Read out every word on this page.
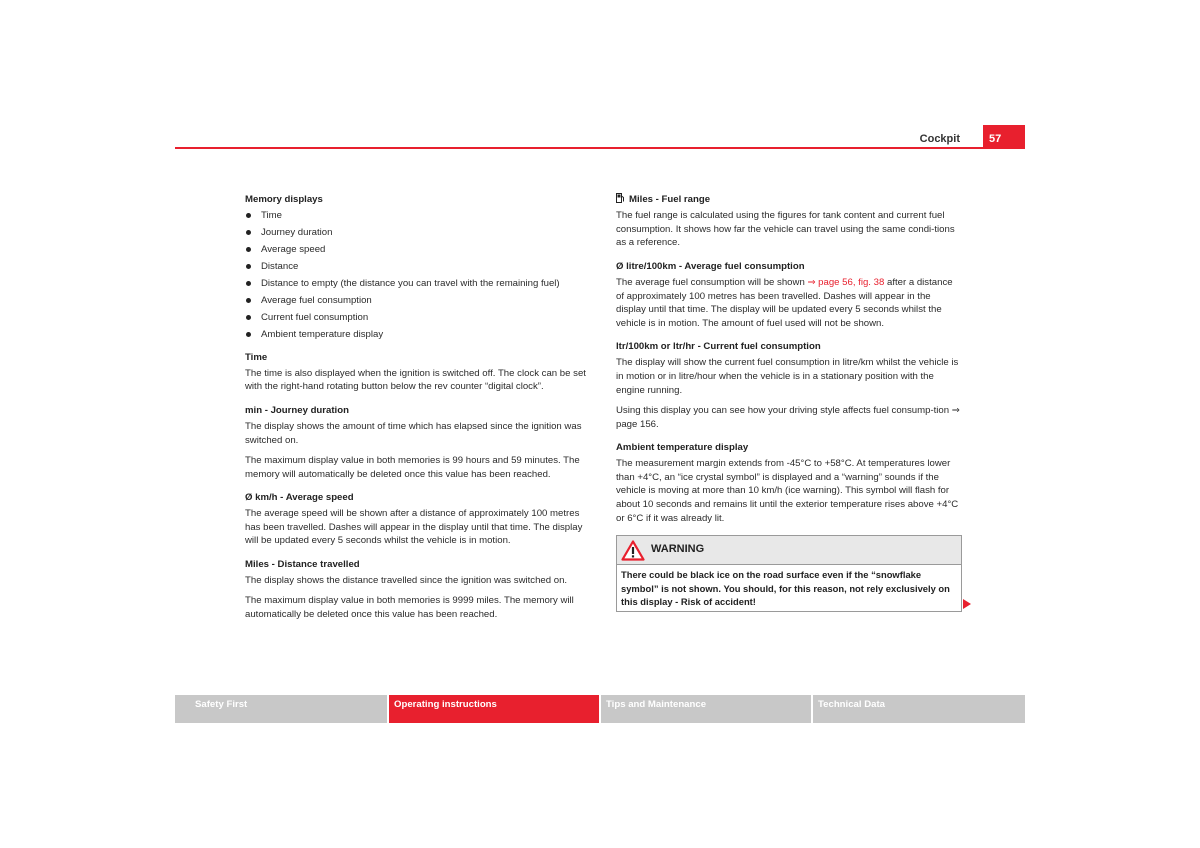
Cockpit	57
Memory displays
Time
Journey duration
Average speed
Distance
Distance to empty (the distance you can travel with the remaining fuel)
Average fuel consumption
Current fuel consumption
Ambient temperature display
Time

The time is also displayed when the ignition is switched off. The clock can be set with the right-hand rotating button below the rev counter “digital clock”.

min - Journey duration

The display shows the amount of time which has elapsed since the ignition was switched on.

The maximum display value in both memories is 99 hours and 59 minutes. The memory will automatically be deleted once this value has been reached.

Ø km/h - Average speed

The average speed will be shown after a distance of approximately 100 metres has been travelled. Dashes will appear in the display until that time. The display will be updated every 5 seconds whilst the vehicle is in motion.

Miles - Distance travelled

The display shows the distance travelled since the ignition was switched on.

The maximum display value in both memories is 9999 miles. The memory will automatically be deleted once this value has been reached.

Miles - Fuel range

The fuel range is calculated using the figures for tank content and current fuel consumption. It shows how far the vehicle can travel using the same condi-tions as a reference.

Ø litre/100km - Average fuel consumption

The average fuel consumption will be shown ⇒ page 56, fig. 38 after a distance of approximately 100 metres has been travelled. Dashes will appear in the display until that time. The display will be updated every 5 seconds whilst the vehicle is in motion. The amount of fuel used will not be shown.

ltr/100km or ltr/hr - Current fuel consumption

The display will show the current fuel consumption in litre/km whilst the vehicle is in motion or in litre/hour when the vehicle is in a stationary position with the engine running.

Using this display you can see how your driving style affects fuel consump-tion ⇒ page 156.

Ambient temperature display

The measurement margin extends from -45°C to +58°C. At temperatures lower than +4°C, an “ice crystal symbol” is displayed and a “warning” sounds if the vehicle is moving at more than 10 km/h (ice warning). This symbol will flash for about 10 seconds and remains lit until the exterior temperature rises above +4°C or 6°C if it was already lit.

WARNING
There could be black ice on the road surface even if the “snowflake symbol” is not shown. You should, for this reason, not rely exclusively on this display - Risk of accident!
Safety First	Operating instructions	Tips and Maintenance	Technical Data
